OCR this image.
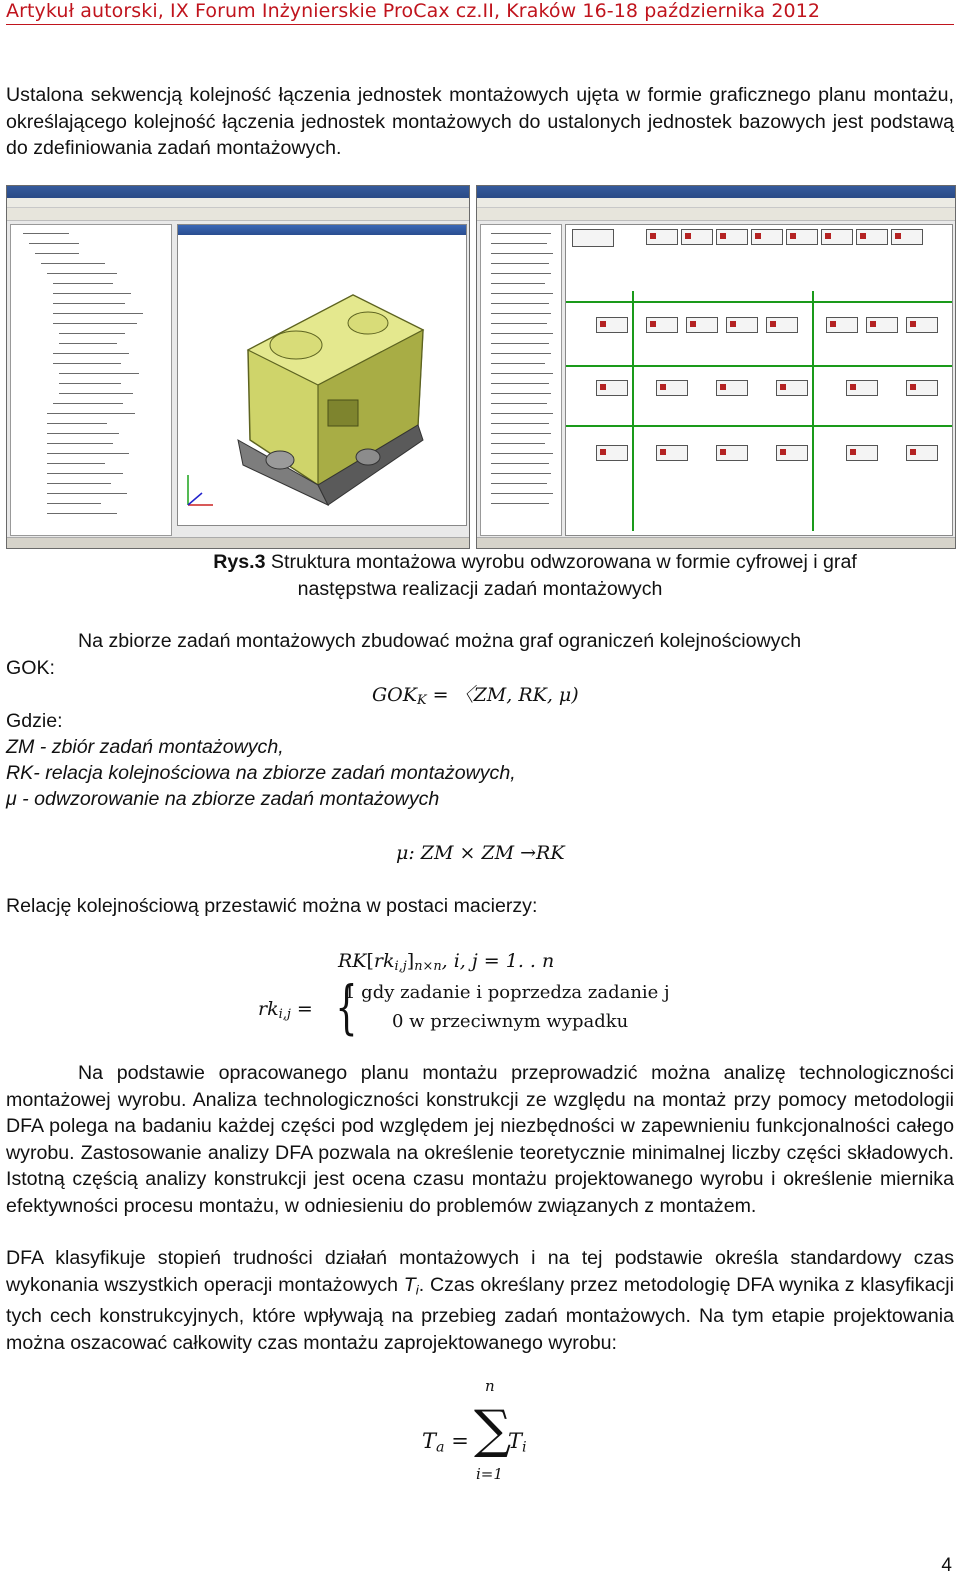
Artykuł autorski, IX Forum Inżynierskie ProCax cz.II, Kraków 16-18 października 2012
Ustalona sekwencją kolejność łączenia jednostek montażowych ujęta w formie graficznego planu montażu, określającego kolejność łączenia jednostek montażowych do ustalonych jednostek bazowych jest podstawą do zdefiniowania zadań montażowych.
Rys.3 Struktura montażowa wyrobu odwzorowana w formie cyfrowej i graf
następstwa realizacji zadań montażowych
Na zbiorze zadań montażowych zbudować można graf ograniczeń kolejnościowych
GOK:
$GOK_K$ = 〈ZM, RK, μ)
Gdzie:
ZM - zbiór zadań montażowych,
RK- relacja kolejnościowa na zbiorze zadań montażowych,
μ - odwzorowanie na zbiorze zadań montażowych
μ: ZM × ZM →RK
Relację kolejnościową przestawić można w postaci macierzy:
$RK[rk_{i,j}]_{n\times n}$, i, j = 1. . n
$rk_{i,j}$ = {
1 gdy zadanie i poprzedza zadanie j
0 w przeciwnym wypadku
Na podstawie opracowanego planu montażu przeprowadzić można analizę technologiczności montażowej wyrobu. Analiza technologiczności konstrukcji ze względu na montaż przy pomocy metodologii DFA polega na badaniu każdej części pod względem jej niezbędności w zapewnieniu funkcjonalności całego wyrobu. Zastosowanie analizy DFA pozwala na określenie teoretycznie minimalnej liczby części składowych. Istotną częścią analizy konstrukcji jest ocena czasu montażu projektowanego wyrobu i określenie miernika efektywności procesu montażu, w odniesieniu do problemów związanych z montażem.
DFA klasyfikuje stopień trudności działań montażowych i na tej podstawie określa standardowy czas wykonania wszystkich operacji montażowych $T_i$. Czas określany przez metodologię DFA wynika z klasyfikacji tych cech konstrukcyjnych, które wpływają na przebieg zadań montażowych. Na tym etapie projektowania można oszacować całkowity czas montażu zaprojektowanego wyrobu:
$T_a$ =
n
∑
i=1
$T_i$
4
